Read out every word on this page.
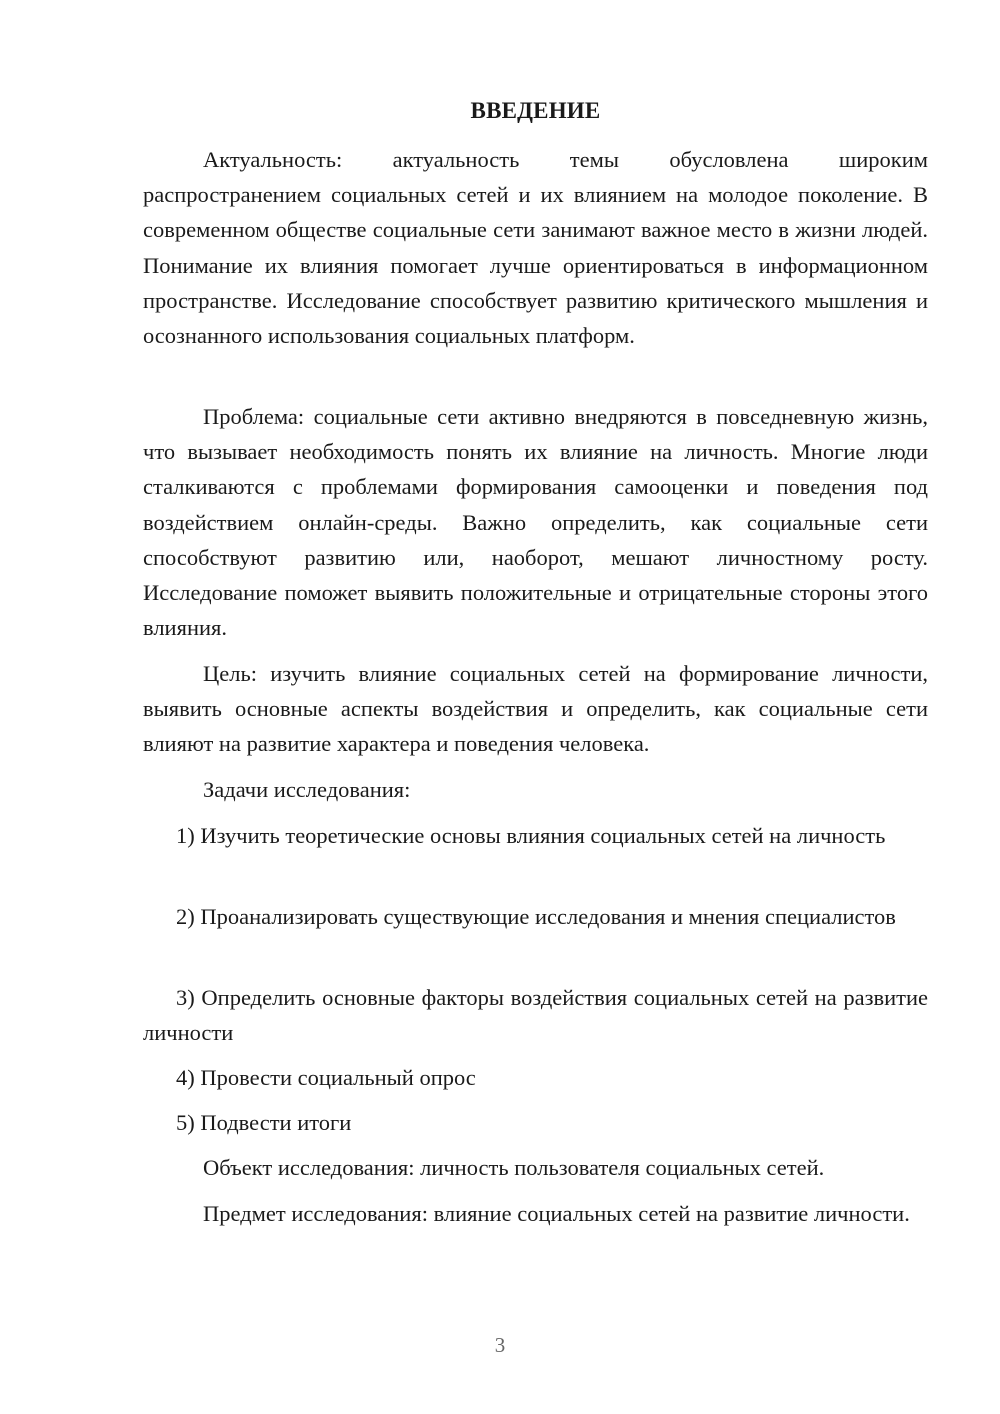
ВВЕДЕНИЕ

Актуальность: актуальность темы обусловлена широким распространением социальных сетей и их влиянием на молодое поколение. В современном обществе социальные сети занимают важное место в жизни людей. Понимание их влияния помогает лучше ориентироваться в информационном пространстве. Исследование способствует развитию критического мышления и осознанного использования социальных платформ.

Проблема: социальные сети активно внедряются в повседневную жизнь, что вызывает необходимость понять их влияние на личность. Многие люди сталкиваются с проблемами формирования самооценки и поведения под воздействием онлайн-среды. Важно определить, как социальные сети способствуют развитию или, наоборот, мешают личностному росту. Исследование поможет выявить положительные и отрицательные стороны этого влияния.

Цель: изучить влияние социальных сетей на формирование личности, выявить основные аспекты воздействия и определить, как социальные сети влияют на развитие характера и поведения человека.

Задачи исследования:

1) Изучить теоретические основы влияния социальных сетей на личность

2) Проанализировать существующие исследования и мнения специалистов

3) Определить основные факторы воздействия социальных сетей на развитие личности

4) Провести социальный опрос

5) Подвести итоги

Объект исследования: личность пользователя социальных сетей.

Предмет исследования: влияние социальных сетей на развитие личности.

3
